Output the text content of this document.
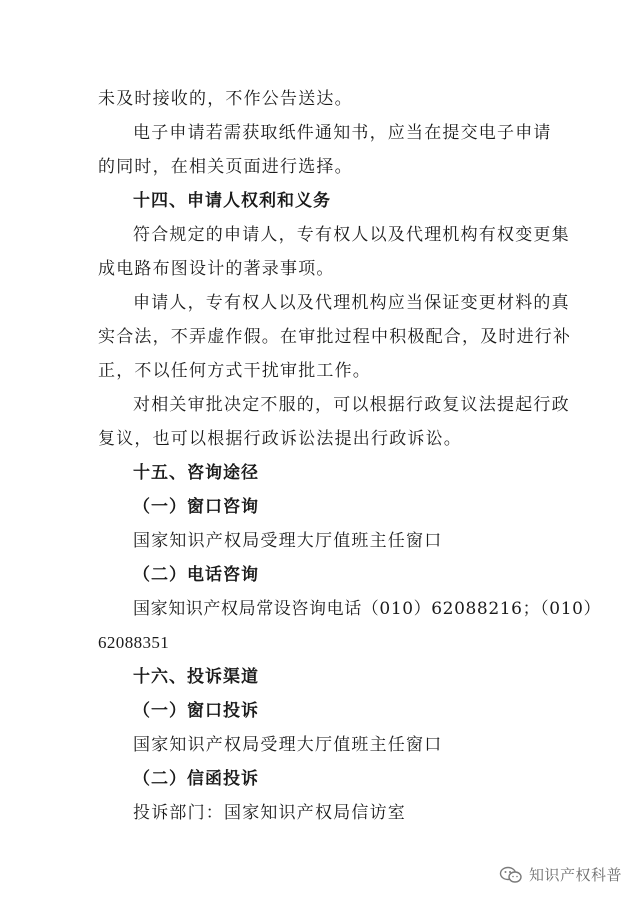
未及时接收的，不作公告送达。
电子申请若需获取纸件通知书，应当在提交电子申请
的同时，在相关页面进行选择。
十四、申请人权利和义务
符合规定的申请人，专有权人以及代理机构有权变更集
成电路布图设计的著录事项。
申请人，专有权人以及代理机构应当保证变更材料的真
实合法，不弄虚作假。在审批过程中积极配合，及时进行补
正，不以任何方式干扰审批工作。
对相关审批决定不服的，可以根据行政复议法提起行政
复议，也可以根据行政诉讼法提出行政诉讼。
十五、咨询途径
（一）窗口咨询
国家知识产权局受理大厅值班主任窗口
（二）电话咨询
国家知识产权局常设咨询电话（010）62088216；（010）
62088351
十六、投诉渠道
（一）窗口投诉
国家知识产权局受理大厅值班主任窗口
（二）信函投诉
投诉部门：国家知识产权局信访室
知识产权科普
